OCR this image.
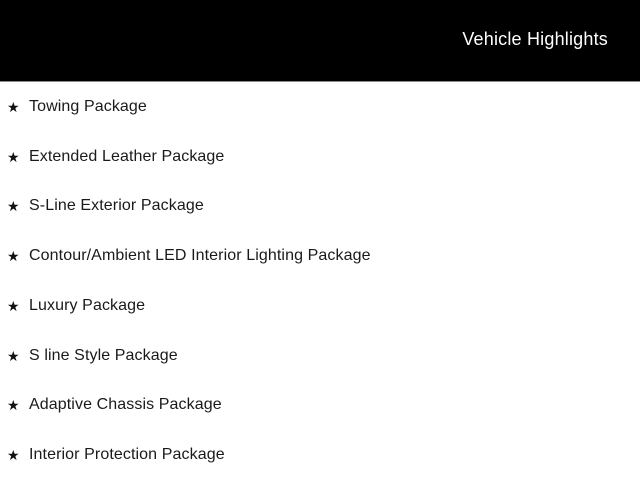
Vehicle Highlights
★ Towing Package
★ Extended Leather Package
★ S-Line Exterior Package
★ Contour/Ambient LED Interior Lighting Package
★ Luxury Package
★ S line Style Package
★ Adaptive Chassis Package
★ Interior Protection Package
